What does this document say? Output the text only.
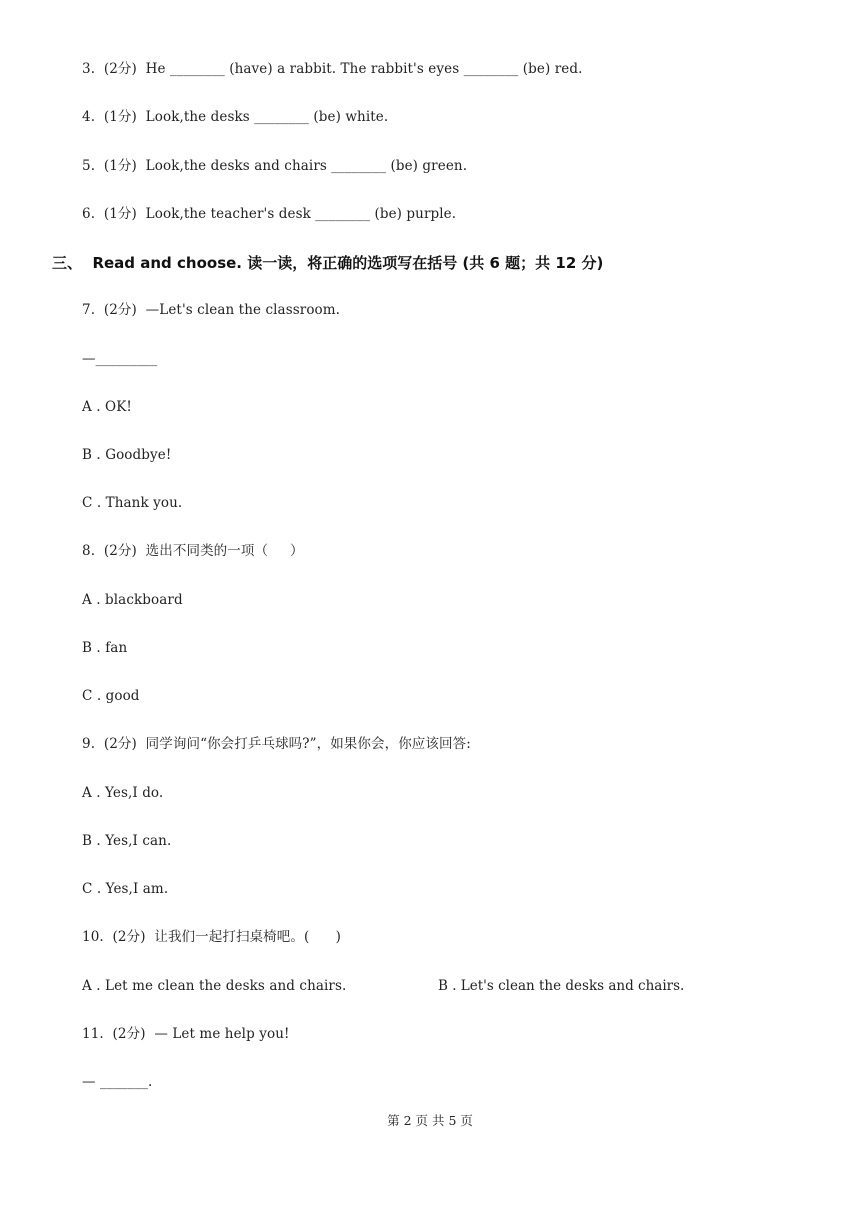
3.  (2分)  He ________ (have) a rabbit. The rabbit's eyes ________ (be) red.
4.  (1分)  Look,the desks ________ (be) white.
5.  (1分)  Look,the desks and chairs ________ (be) green.
6.  (1分)  Look,the teacher's desk ________ (be) purple.
三、  Read and choose. 读一读，将正确的选项写在括号 (共 6 题；共 12 分)
7.  (2分)  —Let's clean the classroom.
—_________
A . OK!
B . Goodbye!
C . Thank you.
8.  (2分)  选出不同类的一项（     ）
A . blackboard
B . fan
C . good
9.  (2分)  同学询问“你会打乒乓球吗?”，如果你会，你应该回答:
A . Yes,I do.
B . Yes,I can.
C . Yes,I am.
10.  (2分)  让我们一起打扫桌椅吧。(      )
A . Let me clean the desks and chairs.	B . Let's clean the desks and chairs.
11.  (2分)  — Let me help you!
— _______.
第 2 页 共 5 页
